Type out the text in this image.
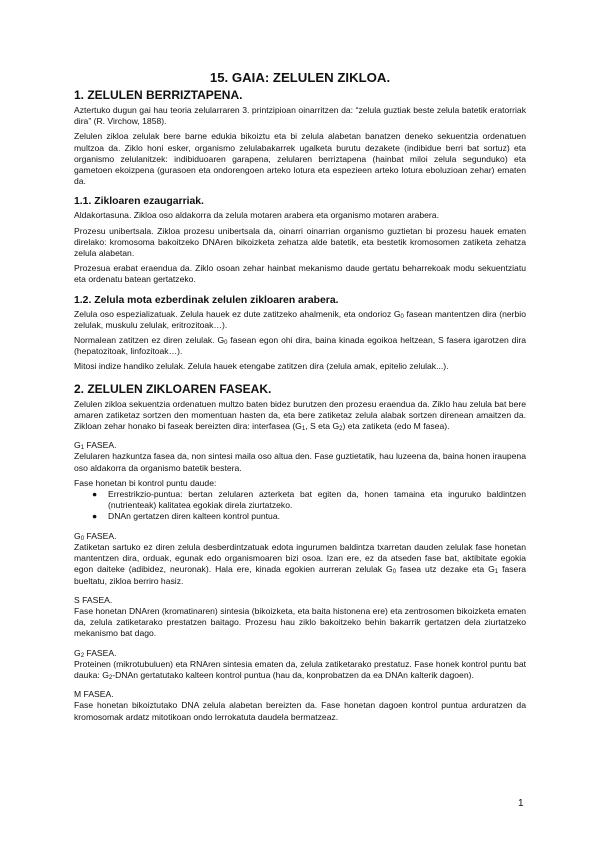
15. GAIA: ZELULEN ZIKLOA.
1. ZELULEN BERRIZTAPENA.

Aztertuko dugun gai hau teoria zelularraren 3. printzipioan oinarritzen da: “zelula guztiak beste zelula batetik eratorriak dira” (R. Virchow, 1858).

Zelulen zikloa zelulak bere barne edukia bikoiztu eta bi zelula alabetan banatzen deneko sekuentzia ordenatuen multzoa da. Ziklo honi esker, organismo zelulabakarrek ugalketa burutu dezakete (indibidue berri bat sortuz) eta organismo zelulanitzek: indibiduoaren garapena, zelularen berriztapena (hainbat miloi zelula segunduko) eta gametoen ekoizpena (gurasoen eta ondorengoen arteko lotura eta espezieen arteko lotura eboluzioan zehar) ematen da.

1.1. Zikloaren ezaugarriak.

Aldakortasuna. Zikloa oso aldakorra da zelula motaren arabera eta organismo motaren arabera.

Prozesu unibertsala. Zikloa prozesu unibertsala da, oinarri oinarrian organismo guztietan bi prozesu hauek ematen direlako: kromosoma bakoitzeko DNAren bikoizketa zehatza alde batetik, eta bestetik kromosomen zatiketa zehatza zelula alabetan.

Prozesua erabat eraendua da. Ziklo osoan zehar hainbat mekanismo daude gertatu beharrekoak modu sekuentziatu eta ordenatu batean gertatzeko.

1.2. Zelula mota ezberdinak zelulen zikloaren arabera.

Zelula oso espezializatuak. Zelula hauek ez dute zatitzeko ahalmenik, eta ondorioz $G_0$ fasean mantentzen dira (nerbio zelulak, muskulu zelulak, eritrozitoak…).

Normalean zatitzen ez diren zelulak. $G_0$ fasean egon ohi dira, baina kinada egoikoa heltzean, S fasera igarotzen dira (hepatozitoak, linfozitoak…).

Mitosi indize handiko zelulak. Zelula hauek etengabe zatitzen dira (zelula amak, epitelio zelulak...).

2. ZELULEN ZIKLOAREN FASEAK.

Zelulen zikloa sekuentzia ordenatuen multzo baten bidez burutzen den prozesu eraendua da. Ziklo hau zelula bat bere amaren zatiketaz sortzen den momentuan hasten da, eta bere zatiketaz zelula alabak sortzen direnean amaitzen da. Zikloan zehar honako bi faseak bereizten dira: interfasea ($G_1$, S eta $G_2$) eta zatiketa (edo M fasea).

$G_1$ FASEA.

Zelularen hazkuntza fasea da, non sintesi maila oso altua den. Fase guztietatik, hau luzeena da, baina honen iraupena oso aldakorra da organismo batetik bestera.

Fase honetan bi kontrol puntu daude:

● Errestrikzio-puntua: bertan zelularen azterketa bat egiten da, honen tamaina eta inguruko baldintzen (nutrienteak) kalitatea egokiak direla ziurtatzeko.
● DNAn gertatzen diren kalteen kontrol puntua.
$G_0$ FASEA.

Zatiketan sartuko ez diren zelula desberdintzatuak edota ingurumen baldintza txarretan dauden zelulak fase honetan mantentzen dira, orduak, egunak edo organismoaren bizi osoa. Izan ere, ez da atseden fase bat, aktibitate egokia egon daiteke (adibidez, neuronak). Hala ere, kinada egokien aurreran zelulak $G_0$ fasea utz dezake eta $G_1$ fasera bueltatu, zikloa berriro hasiz.

S FASEA.

Fase honetan DNAren (kromatinaren) sintesia (bikoizketa, eta baita histonena ere) eta zentrosomen bikoizketa ematen da, zelula zatiketarako prestatzen baitago. Prozesu hau ziklo bakoitzeko behin bakarrik gertatzen dela ziurtatzeko mekanismo bat dago.

$G_2$ FASEA.

Proteinen (mikrotubuluen) eta RNAren sintesia ematen da, zelula zatiketarako prestatuz. Fase honek kontrol puntu bat dauka: $G_2$-DNAn gertatutako kalteen kontrol puntua (hau da, konprobatzen da ea DNAn kalterik dagoen).

M FASEA.

Fase honetan bikoiztutako DNA zelula alabetan bereizten da. Fase honetan dagoen kontrol puntua arduratzen da kromosomak ardatz mitotikoan ondo lerrokatuta daudela bermatzeaz.

1
